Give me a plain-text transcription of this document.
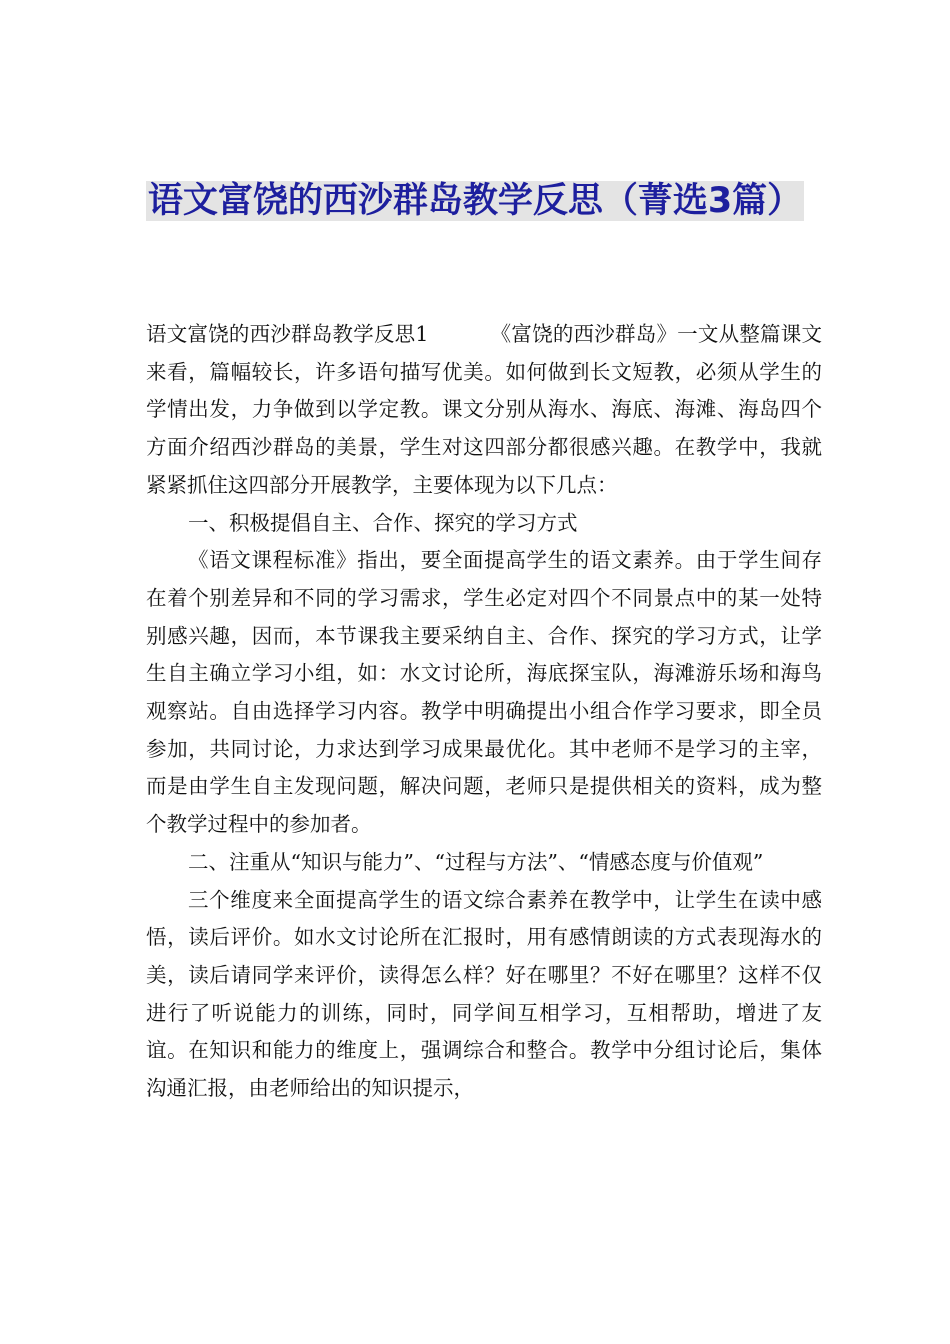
语文富饶的西沙群岛教学反思（菁选3篇）

语文富饶的西沙群岛教学反思1	《富饶的西沙群岛》一文从整篇课文来看，篇幅较长，许多语句描写优美。如何做到长文短教，必须从学生的学情出发，力争做到以学定教。课文分别从海水、海底、海滩、海岛四个方面介绍西沙群岛的美景，学生对这四部分都很感兴趣。在教学中，我就紧紧抓住这四部分开展教学，主要体现为以下几点：

一、积极提倡自主、合作、探究的学习方式

《语文课程标准》指出，要全面提高学生的语文素养。由于学生间存在着个别差异和不同的学习需求，学生必定对四个不同景点中的某一处特别感兴趣，因而，本节课我主要采纳自主、合作、探究的学习方式，让学生自主确立学习小组，如：水文讨论所，海底探宝队，海滩游乐场和海鸟观察站。自由选择学习内容。教学中明确提出小组合作学习要求，即全员参加，共同讨论，力求达到学习成果最优化。其中老师不是学习的主宰，而是由学生自主发现问题，解决问题，老师只是提供相关的资料，成为整个教学过程中的参加者。

二、注重从“知识与能力”、“过程与方法”、“情感态度与价值观”

三个维度来全面提高学生的语文综合素养在教学中，让学生在读中感悟，读后评价。如水文讨论所在汇报时，用有感情朗读的方式表现海水的美，读后请同学来评价，读得怎么样？好在哪里？不好在哪里？这样不仅进行了听说能力的训练，同时，同学间互相学习，互相帮助，增进了友谊。在知识和能力的维度上，强调综合和整合。教学中分组讨论后，集体沟通汇报，由老师给出的知识提示，
